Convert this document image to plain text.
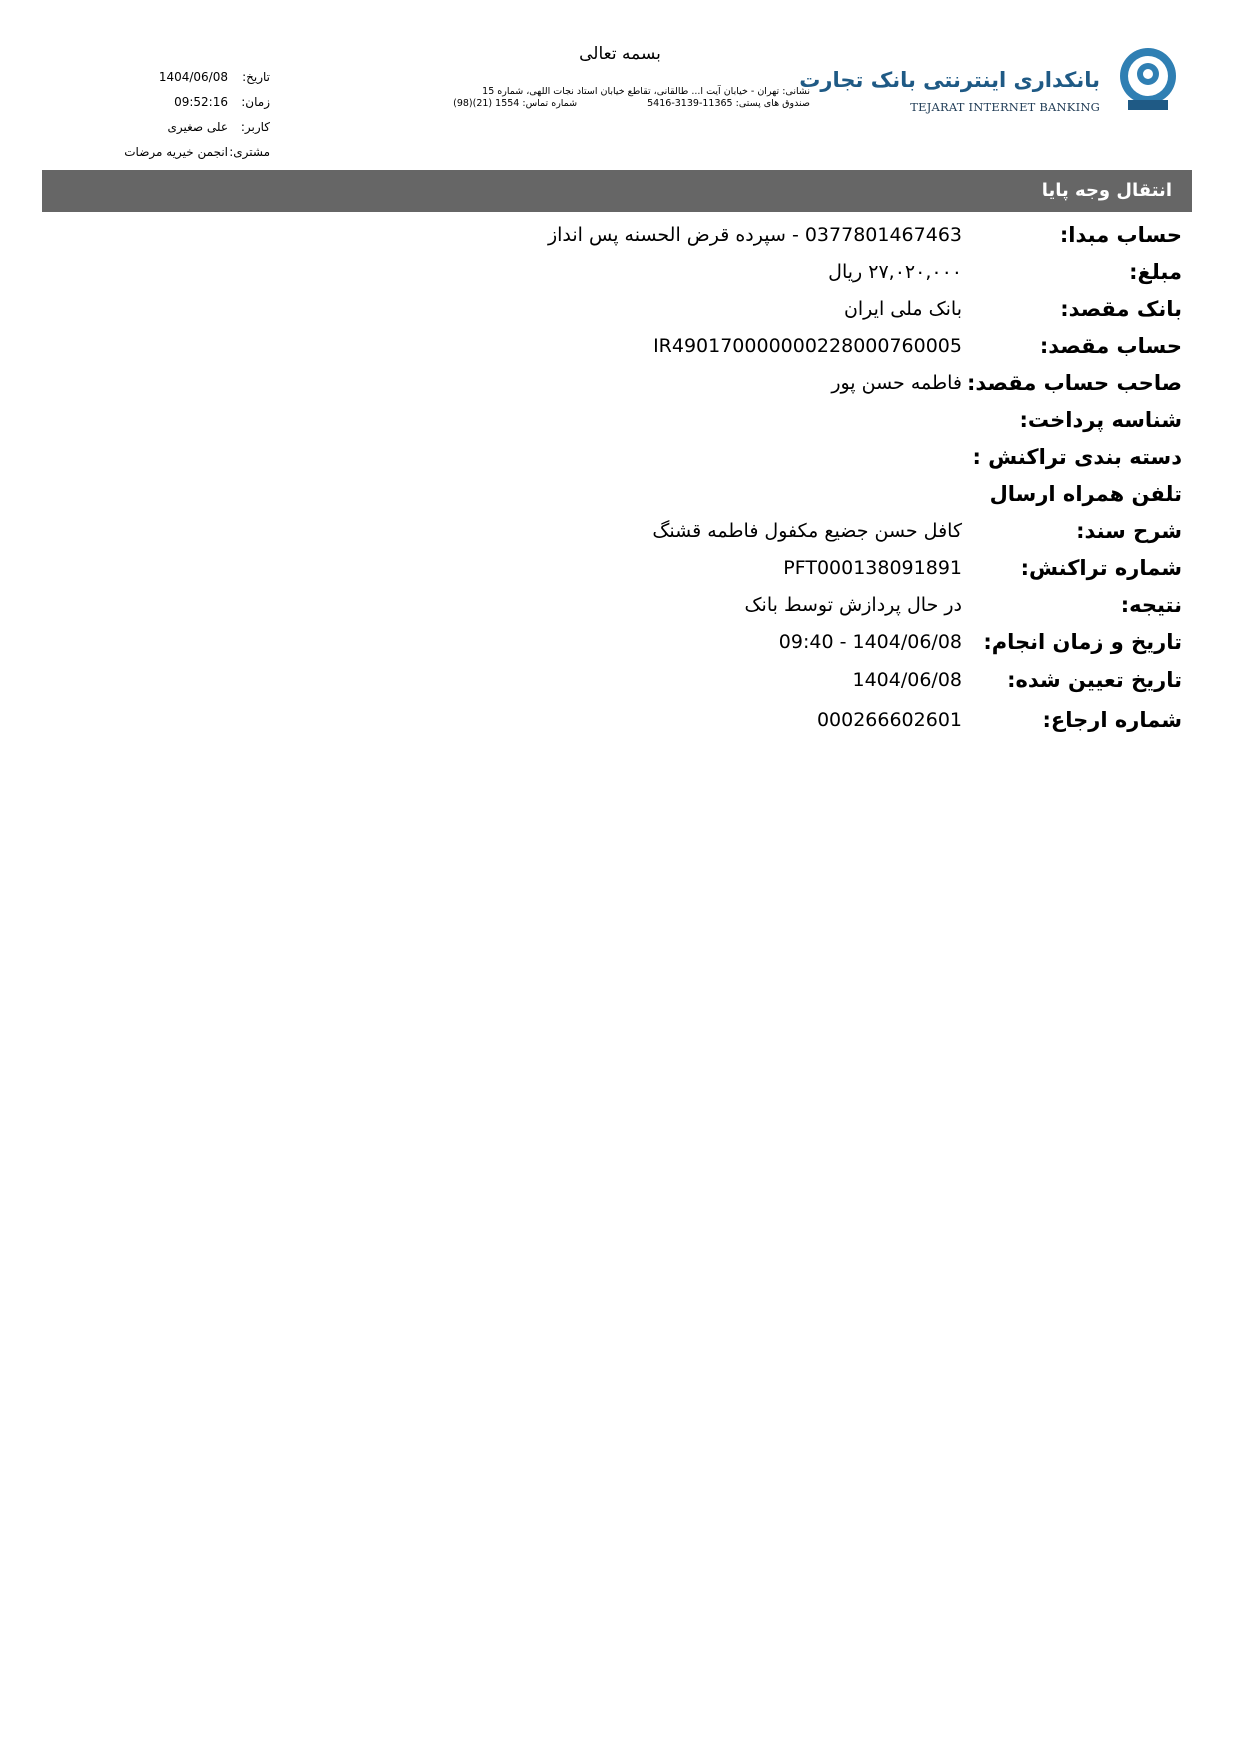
بانکداری اینترنتی بانک تجارت
TEJARAT INTERNET BANKING
بسمه تعالی
نشانی: تهران - خیابان آیت ا... طالقانی، تقاطع خیابان استاد نجات اللهی، شماره 15
صندوق های پستی: 11365-3139-5416
شماره تماس: 1554 (21)(98)
تاریخ:
1404/06/08
زمان:
09:52:16
کاربر:
علی صغیری
مشتری:
انجمن خیریه مرضات
انتقال وجه پایا
حساب مبدا:
0377801467463 - سپرده قرض الحسنه پس انداز
مبلغ:
۲۷,۰۲۰,۰۰۰ ریال
بانک مقصد:
بانک ملی ایران
حساب مقصد:
IR490170000000228000760005
صاحب حساب مقصد:
فاطمه حسن پور
شناسه پرداخت:
دسته بندی تراکنش :
تلفن همراه ارسال
شرح سند:
کافل حسن جضیع مکفول فاطمه قشنگ
شماره تراکنش:
PFT000138091891
نتیجه:
در حال پردازش توسط بانک
تاریخ و زمان انجام:
1404/06/08 - 09:40
تاریخ تعیین شده:
1404/06/08
شماره ارجاع:
000266602601
